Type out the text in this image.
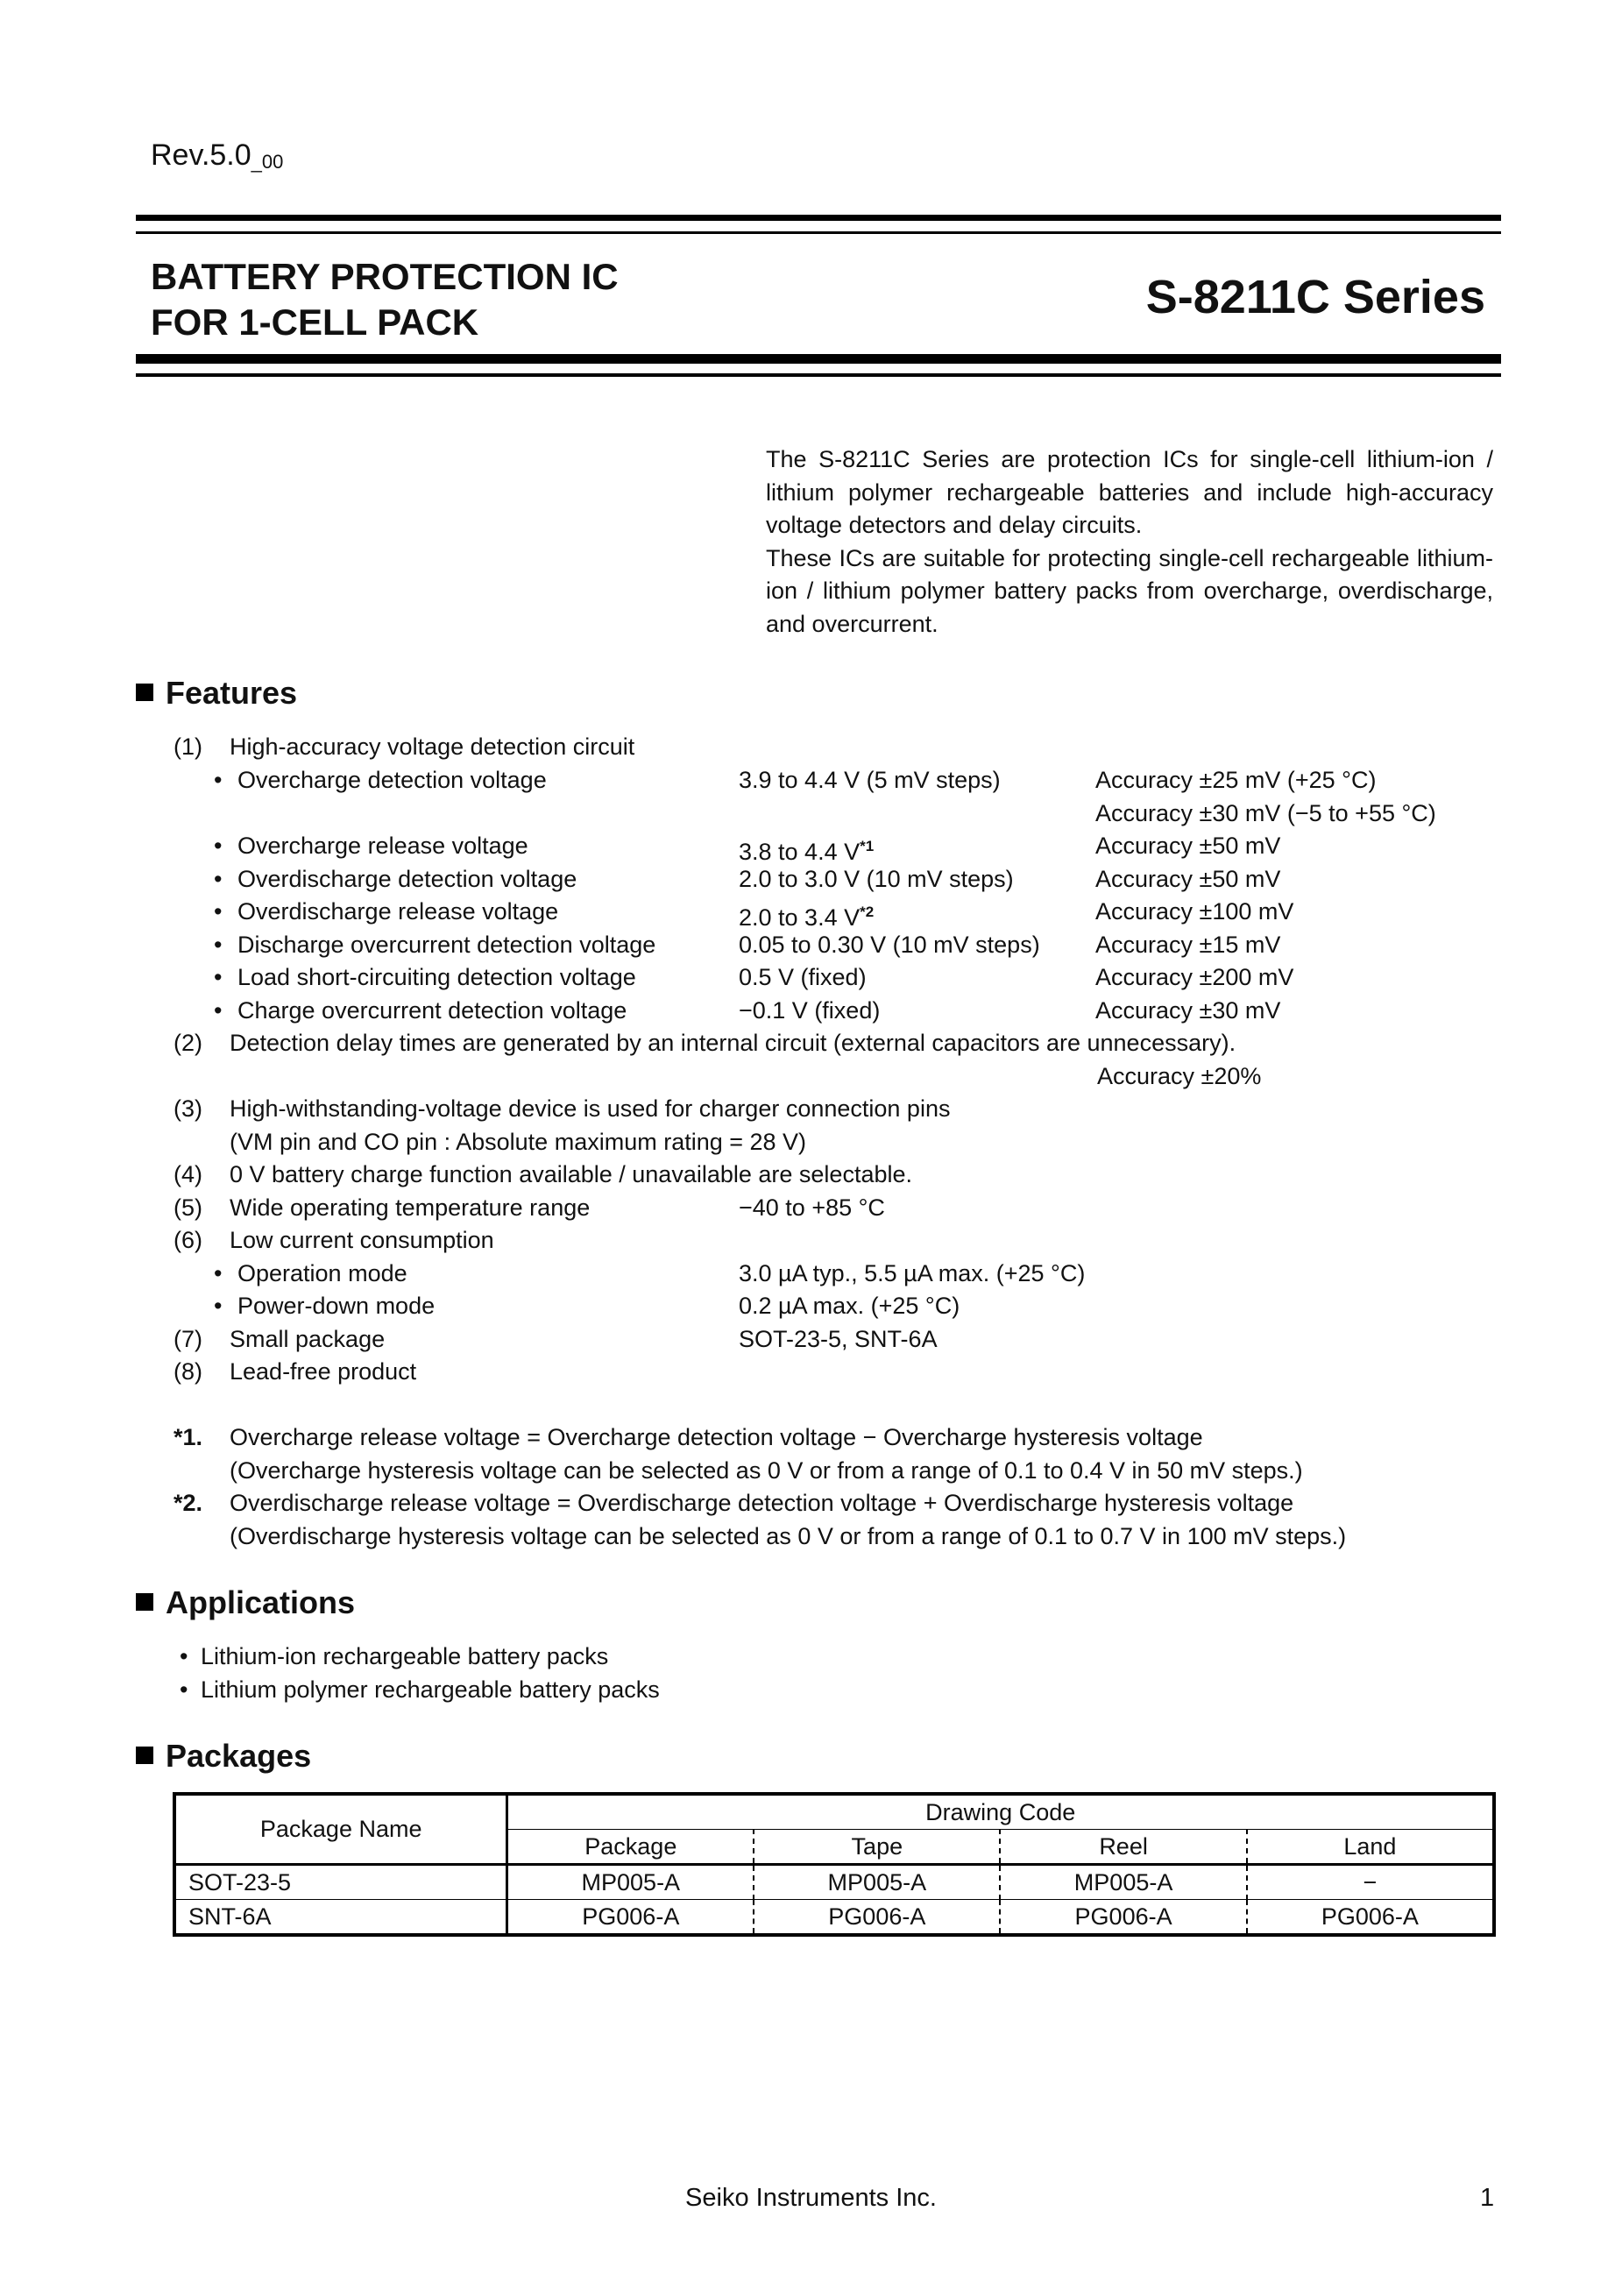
$Rev.5.0_{\_00}$
BATTERY PROTECTION IC
FOR 1-CELL PACK	S-8211C Series

The S-8211C Series are protection ICs for single-cell lithium-ion / lithium polymer rechargeable batteries and include high-accuracy voltage detectors and delay circuits.

These ICs are suitable for protecting single-cell rechargeable lithium-ion / lithium polymer battery packs from overcharge, overdischarge, and overcurrent.

Features
(1) High-accuracy voltage detection circuit
• Overcharge detection voltage	3.9 to 4.4 V (5 mV steps)	Accuracy ±25 mV (+25 °C)
Accuracy ±30 mV (−5 to +55 °C)
• Overcharge release voltage	3.8 to 4.4 $V^{*1}$	Accuracy ±50 mV
• Overdischarge detection voltage	2.0 to 3.0 V (10 mV steps)	Accuracy ±50 mV
• Overdischarge release voltage	2.0 to 3.4 $V^{*2}$	Accuracy ±100 mV
• Discharge overcurrent detection voltage	0.05 to 0.30 V (10 mV steps) Accuracy ±15 mV
• Load short-circuiting detection voltage	0.5 V (fixed)	Accuracy ±200 mV
• Charge overcurrent detection voltage	−0.1 V (fixed)	Accuracy ±30 mV
(2) Detection delay times are generated by an internal circuit (external capacitors are unnecessary).
Accuracy ±20%
(3) High-withstanding-voltage device is used for charger connection pins
(VM pin and CO pin : Absolute maximum rating = 28 V)
(4) 0 V battery charge function available / unavailable are selectable.
(5) Wide operating temperature range	−40 to +85 °C
(6) Low current consumption
• Operation mode	3.0 µA typ., 5.5 µA max. (+25 °C)
• Power-down mode	0.2 µA max. (+25 °C)
(7) Small package	SOT-23-5, SNT-6A
(8) Lead-free product
*1. Overcharge release voltage = Overcharge detection voltage − Overcharge hysteresis voltage
(Overcharge hysteresis voltage can be selected as 0 V or from a range of 0.1 to 0.4 V in 50 mV steps.)
*2. Overdischarge release voltage = Overdischarge detection voltage + Overdischarge hysteresis voltage
(Overdischarge hysteresis voltage can be selected as 0 V or from a range of 0.1 to 0.7 V in 100 mV steps.)
Applications
• Lithium-ion rechargeable battery packs
• Lithium polymer rechargeable battery packs
Packages
Package Name	Drawing Code			
	Package	Tape	Reel	Land
SOT-23-5	MP005-A	MP005-A	MP005-A	−
SNT-6A	PG006-A	PG006-A	PG006-A	PG006-A
Seiko Instruments Inc.	1
